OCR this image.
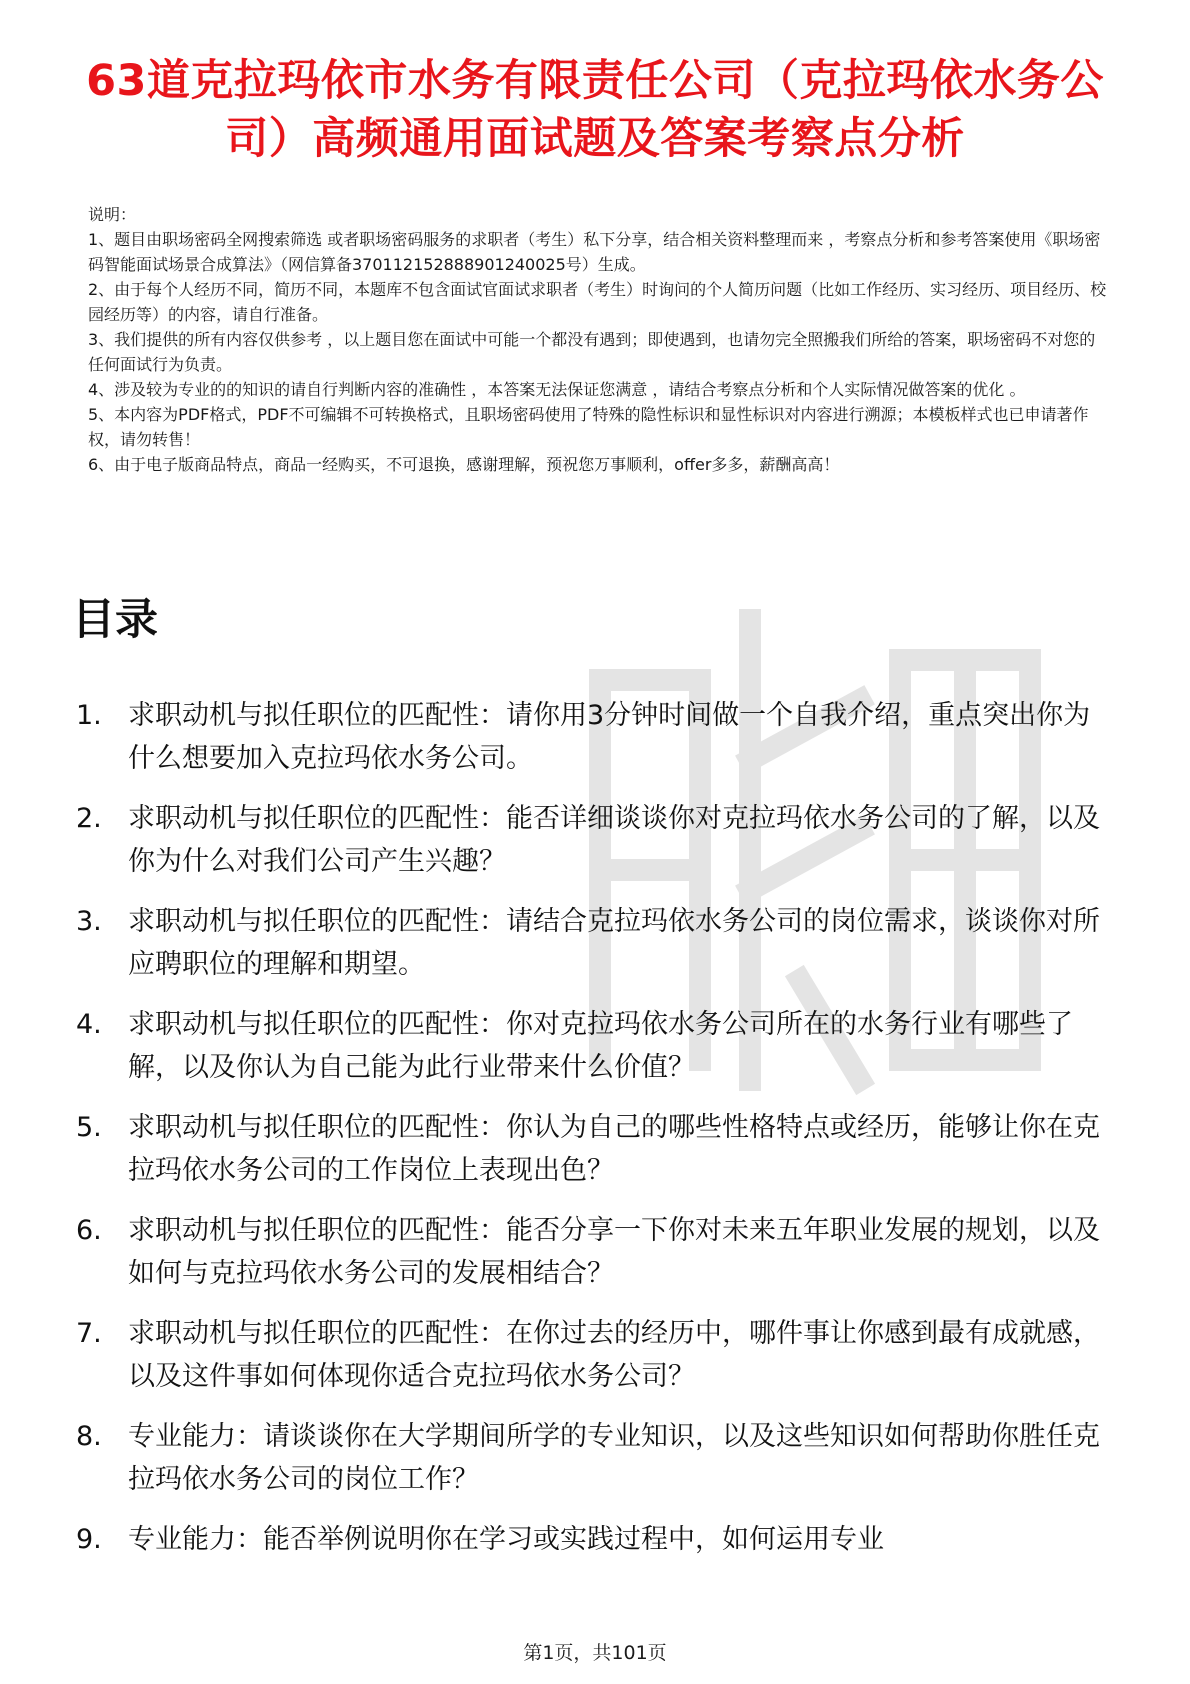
63道克拉玛依市水务有限责任公司（克拉玛依水务公司）高频通用面试题及答案考察点分析

说明：

1、题目由职场密码全网搜索筛选 或者职场密码服务的求职者（考生）私下分享，结合相关资料整理而来 ，考察点分析和参考答案使用《职场密码智能面试场景合成算法》（网信算备370112152888901240025号）生成。

2、由于每个人经历不同，简历不同，本题库不包含面试官面试求职者（考生）时询问的个人简历问题（比如工作经历、实习经历、项目经历、校园经历等）的内容，请自行准备。

3、我们提供的所有内容仅供参考 ，以上题目您在面试中可能一个都没有遇到；即使遇到，也请勿完全照搬我们所给的答案，职场密码不对您的任何面试行为负责。

4、涉及较为专业的的知识的请自行判断内容的准确性 ，本答案无法保证您满意 ，请结合考察点分析和个人实际情况做答案的优化 。

5、本内容为PDF格式，PDF不可编辑不可转换格式，且职场密码使用了特殊的隐性标识和显性标识对内容进行溯源；本模板样式也已申请著作权，请勿转售！

6、由于电子版商品特点，商品一经购买，不可退换，感谢理解，预祝您万事顺利，offer多多，薪酬高高！

目录
1. 求职动机与拟任职位的匹配性：请你用3分钟时间做一个自我介绍，重点突出你为什么想要加入克拉玛依水务公司。
2. 求职动机与拟任职位的匹配性：能否详细谈谈你对克拉玛依水务公司的了解，以及你为什么对我们公司产生兴趣？
3. 求职动机与拟任职位的匹配性：请结合克拉玛依水务公司的岗位需求，谈谈你对所应聘职位的理解和期望。
4. 求职动机与拟任职位的匹配性：你对克拉玛依水务公司所在的水务行业有哪些了解，以及你认为自己能为此行业带来什么价值？
5. 求职动机与拟任职位的匹配性：你认为自己的哪些性格特点或经历，能够让你在克拉玛依水务公司的工作岗位上表现出色？
6. 求职动机与拟任职位的匹配性：能否分享一下你对未来五年职业发展的规划，以及如何与克拉玛依水务公司的发展相结合？
7. 求职动机与拟任职位的匹配性：在你过去的经历中，哪件事让你感到最有成就感，以及这件事如何体现你适合克拉玛依水务公司？
8. 专业能力：请谈谈你在大学期间所学的专业知识，以及这些知识如何帮助你胜任克拉玛依水务公司的岗位工作？
9. 专业能力：能否举例说明你在学习或实践过程中，如何运用专业
第1页，共101页
